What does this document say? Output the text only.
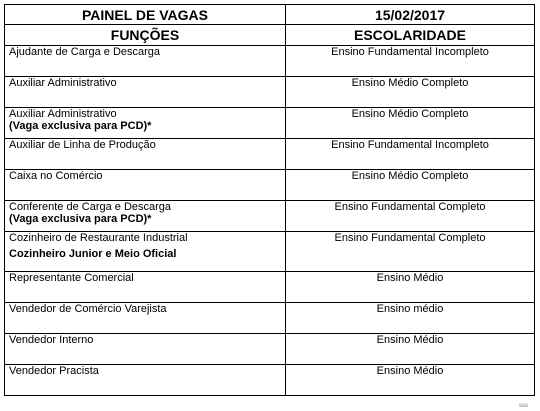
PAINEL DE VAGAS	15/02/2017
FUNÇÕES	ESCOLARIDADE
Ajudante de Carga e Descarga	Ensino Fundamental Incompleto
Auxiliar Administrativo	Ensino Médio Completo
Auxiliar Administrativo
(Vaga exclusiva para PCD)*	Ensino Médio Completo
Auxiliar de Linha de Produção	Ensino Fundamental Incompleto
Caixa no Comércio	Ensino Médio Completo
Conferente de Carga e Descarga
(Vaga exclusiva para PCD)*	Ensino Fundamental Completo
Cozinheiro de Restaurante Industrial
Cozinheiro Junior e Meio Oficial	Ensino Fundamental Completo
Representante Comercial	Ensino Médio
Vendedor de Comércio Varejista	Ensino médio
Vendedor Interno	Ensino Médio
Vendedor Pracista	Ensino Médio
sss
